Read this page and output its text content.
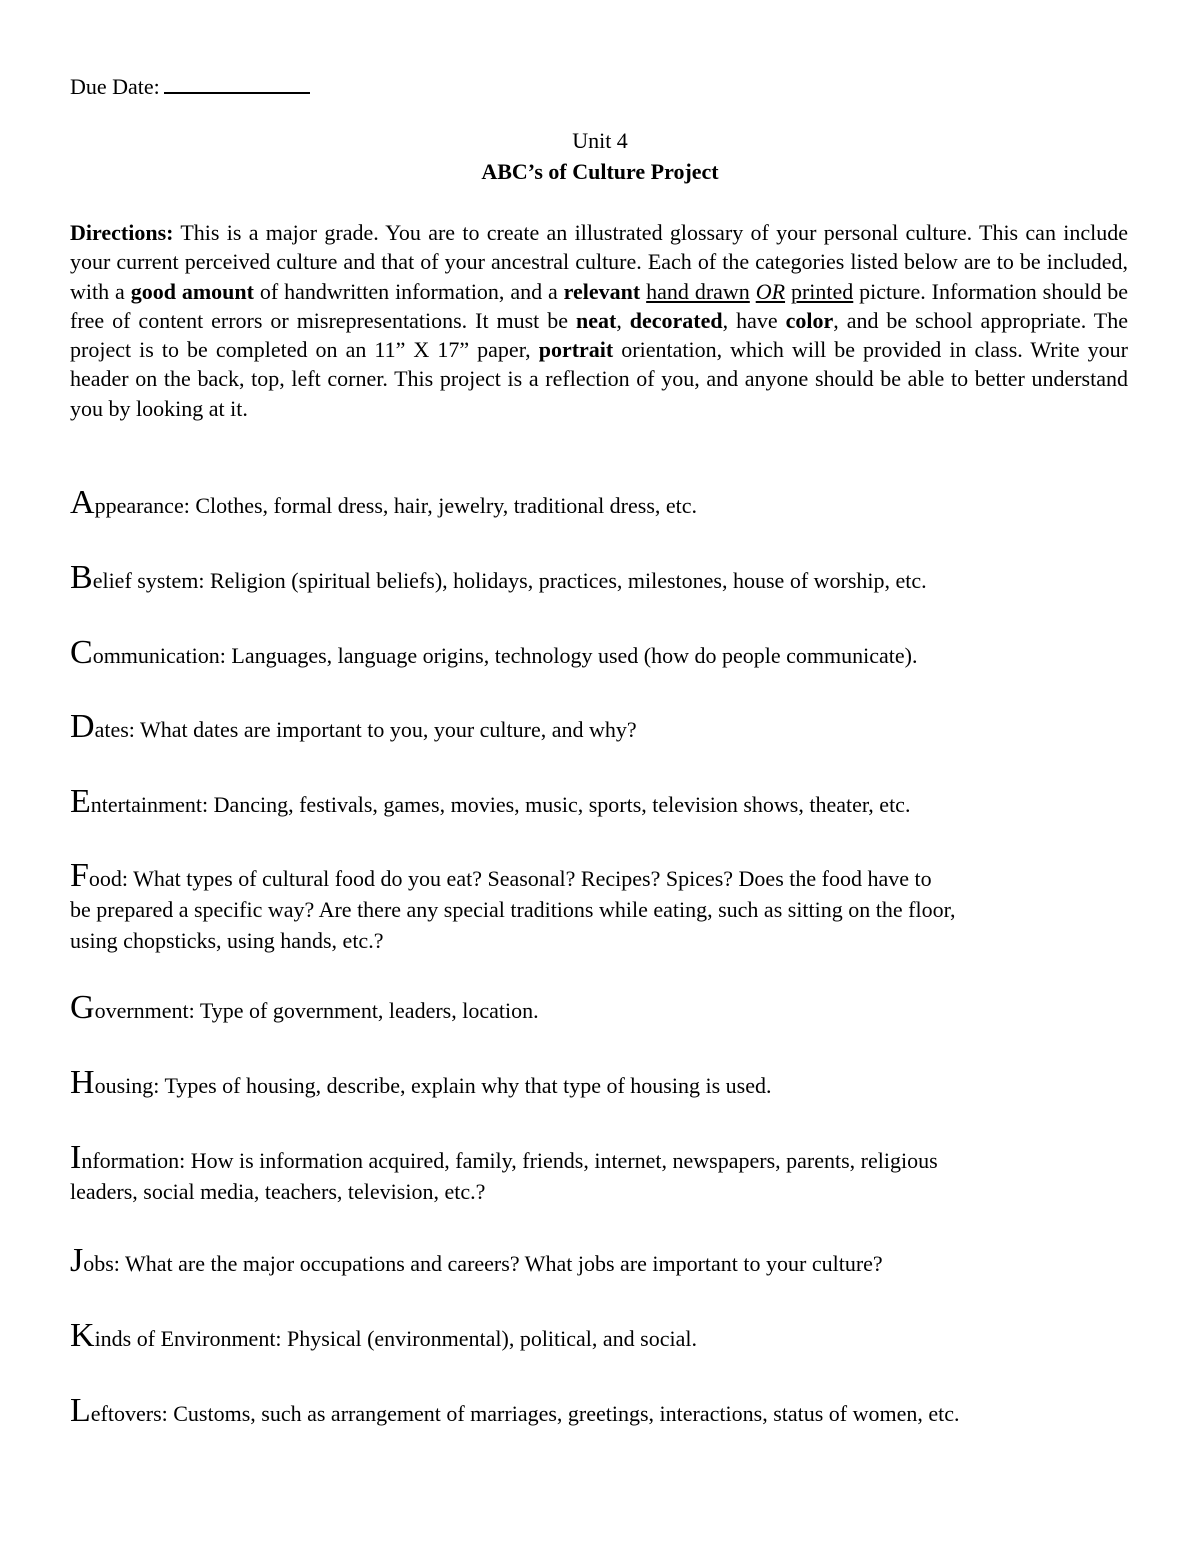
Due Date:
Unit 4
ABC’s of Culture Project

Directions: This is a major grade. You are to create an illustrated glossary of your personal culture. This can include your current perceived culture and that of your ancestral culture. Each of the categories listed below are to be included, with a good amount of handwritten information, and a relevant hand drawn OR printed picture. Information should be free of content errors or misrepresentations. It must be neat, decorated, have color, and be school appropriate. The project is to be completed on an 11” X 17” paper, portrait orientation, which will be provided in class. Write your header on the back, top, left corner. This project is a reflection of you, and anyone should be able to better understand you by looking at it.

Appearance: Clothes, formal dress, hair, jewelry, traditional dress, etc.
Belief system: Religion (spiritual beliefs), holidays, practices, milestones, house of worship, etc.
Communication: Languages, language origins, technology used (how do people communicate).
Dates: What dates are important to you, your culture, and why?
Entertainment: Dancing, festivals, games, movies, music, sports, television shows, theater, etc.
Food: What types of cultural food do you eat? Seasonal? Recipes? Spices? Does the food have to
be prepared a specific way? Are there any special traditions while eating, such as sitting on the floor,
using chopsticks, using hands, etc.?
Government: Type of government, leaders, location.
Housing: Types of housing, describe, explain why that type of housing is used.
Information: How is information acquired, family, friends, internet, newspapers, parents, religious
leaders, social media, teachers, television, etc.?
Jobs: What are the major occupations and careers? What jobs are important to your culture?
Kinds of Environment: Physical (environmental), political, and social.
Leftovers: Customs, such as arrangement of marriages, greetings, interactions, status of women, etc.
